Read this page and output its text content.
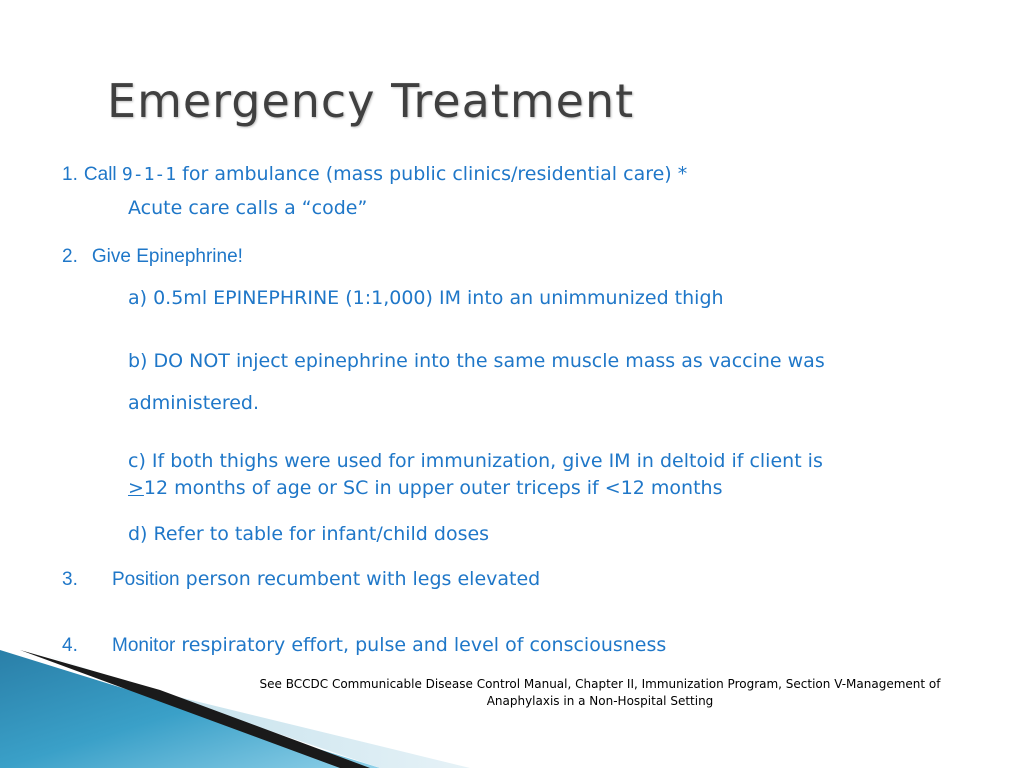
Emergency Treatment
1. Call 9-1-1 for ambulance (mass public clinics/residential care) *
Acute care calls a “code”
2. Give Epinephrine!
a) 0.5ml EPINEPHRINE (1:1,000) IM into an unimmunized thigh
b) DO NOT inject epinephrine into the same muscle mass as vaccine was
administered.
c) If both thighs were used for immunization, give IM in deltoid if client is
≥12 months of age or SC in upper outer triceps if <12 months
d) Refer to table for infant/child doses
3. Position person recumbent with legs elevated
4. Monitor respiratory effort, pulse and level of consciousness
See BCCDC Communicable Disease Control Manual, Chapter II, Immunization Program, Section V-Management of
Anaphylaxis in a Non-Hospital Setting
